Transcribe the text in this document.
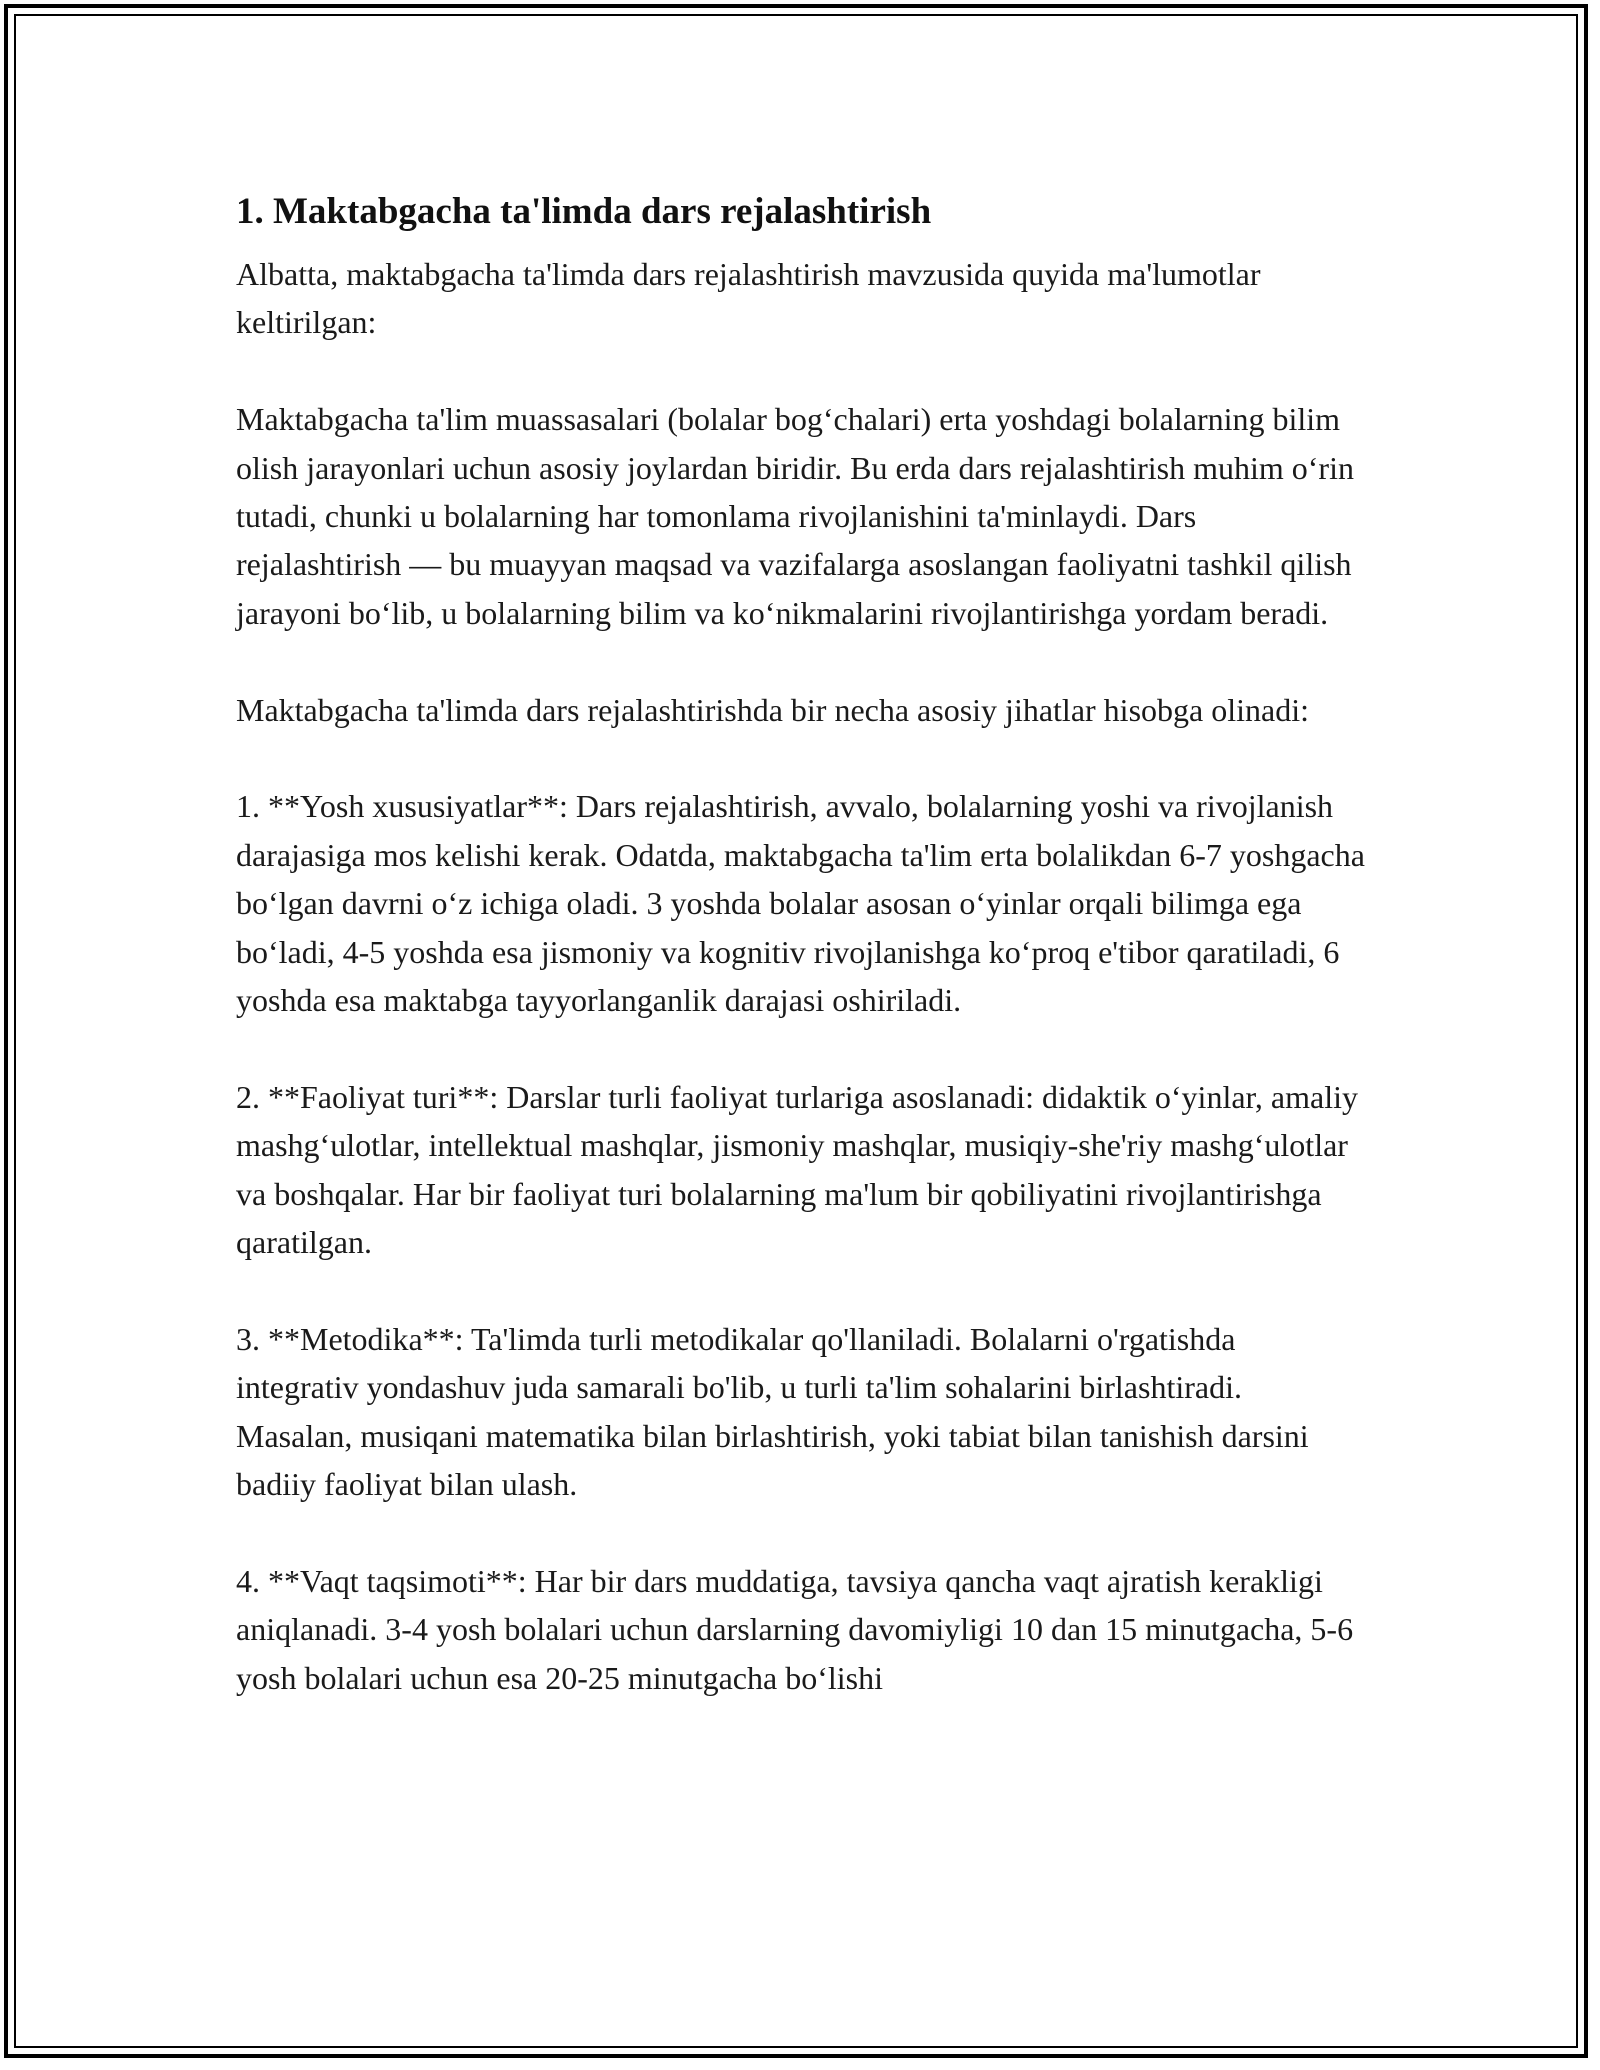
1. Maktabgacha ta'limda dars rejalashtirish

Albatta, maktabgacha ta'limda dars rejalashtirish mavzusida quyida ma'lumotlar keltirilgan:

Maktabgacha ta'lim muassasalari (bolalar bog‘chalari) erta yoshdagi bolalarning bilim olish jarayonlari uchun asosiy joylardan biridir. Bu erda dars rejalashtirish muhim o‘rin tutadi, chunki u bolalarning har tomonlama rivojlanishini ta'minlaydi. Dars rejalashtirish — bu muayyan maqsad va vazifalarga asoslangan faoliyatni tashkil qilish jarayoni bo‘lib, u bolalarning bilim va ko‘nikmalarini rivojlantirishga yordam beradi.

Maktabgacha ta'limda dars rejalashtirishda bir necha asosiy jihatlar hisobga olinadi:

1. **Yosh xususiyatlar**: Dars rejalashtirish, avvalo, bolalarning yoshi va rivojlanish darajasiga mos kelishi kerak. Odatda, maktabgacha ta'lim erta bolalikdan 6-7 yoshgacha bo‘lgan davrni o‘z ichiga oladi. 3 yoshda bolalar asosan o‘yinlar orqali bilimga ega bo‘ladi, 4-5 yoshda esa jismoniy va kognitiv rivojlanishga ko‘proq e'tibor qaratiladi, 6 yoshda esa maktabga tayyorlanganlik darajasi oshiriladi.

2. **Faoliyat turi**: Darslar turli faoliyat turlariga asoslanadi: didaktik o‘yinlar, amaliy mashg‘ulotlar, intellektual mashqlar, jismoniy mashqlar, musiqiy-she'riy mashg‘ulotlar va boshqalar. Har bir faoliyat turi bolalarning ma'lum bir qobiliyatini rivojlantirishga qaratilgan.

3. **Metodika**: Ta'limda turli metodikalar qo'llaniladi. Bolalarni o'rgatishda integrativ yondashuv juda samarali bo'lib, u turli ta'lim sohalarini birlashtiradi. Masalan, musiqani matematika bilan birlashtirish, yoki tabiat bilan tanishish darsini badiiy faoliyat bilan ulash.

4. **Vaqt taqsimoti**: Har bir dars muddatiga, tavsiya qancha vaqt ajratish kerakligi aniqlanadi. 3-4 yosh bolalari uchun darslarning davomiyligi 10 dan 15 minutgacha, 5-6 yosh bolalari uchun esa 20-25 minutgacha bo‘lishi
